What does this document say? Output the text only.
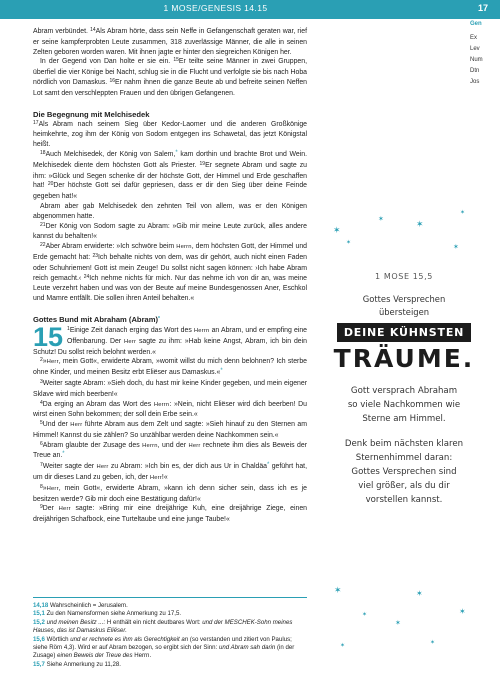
1 MOSE/GENESIS 14.15	17
Gen
Ex
Lev
Num
Dtn
Jos

Abram verbündet. $^{14}$Als Abram hörte, dass sein Neffe in Gefangenschaft geraten war, rief er seine kampferprobten Leute zusammen, 318 zuverlässige Männer, die alle in seinen Zelten geboren worden waren. Mit ihnen jagte er hinter den siegreichen Königen her.

In der Gegend von Dan holte er sie ein. $^{15}$Er teilte seine Männer in zwei Gruppen, überfiel die vier Könige bei Nacht, schlug sie in die Flucht und verfolgte sie bis nach Hoba nördlich von Damaskus. $^{16}$Er nahm ihnen die ganze Beute ab und befreite seinen Neffen Lot samt den verschleppten Frauen und den übrigen Gefangenen.

Die Begegnung mit Melchisedek

$^{17}$Als Abram nach seinem Sieg über Kedor-Laomer und die anderen Großkönige heimkehrte, zog ihm der König von Sodom entgegen ins Schawetal, das jetzt Königstal heißt.

$^{18}$Auch Melchisedek, der König von Salem,* kam dorthin und brachte Brot und Wein. Melchisedek diente dem höchsten Gott als Priester. $^{19}$Er segnete Abram und sagte zu ihm: »Glück und Segen schenke dir der höchste Gott, der Himmel und Erde geschaffen hat! $^{20}$Der höchste Gott sei dafür gepriesen, dass er dir den Sieg über deine Feinde gegeben hat!«

Abram aber gab Melchisedek den zehnten Teil von allem, was er den Königen abgenommen hatte.

$^{21}$Der König von Sodom sagte zu Abram: »Gib mir meine Leute zurück, alles andere kannst du behalten!«

$^{22}$Aber Abram erwiderte: »Ich schwöre beim Herrn, dem höchsten Gott, der Himmel und Erde gemacht hat: $^{23}$Ich behalte nichts von dem, was dir gehört, auch nicht einen Faden oder Schuhriemen! Gott ist mein Zeuge! Du sollst nicht sagen können: ›Ich habe Abram reich gemacht.‹ $^{24}$Ich nehme nichts für mich. Nur das nehme ich von dir an, was meine Leute verzehrt haben und was von der Beute auf meine Bundesgenossen Aner, Eschkol und Mamre entfällt. Die sollen ihren Anteil behalten.«

Gottes Bund mit Abraham (Abram)*

15 $^1$Einige Zeit danach erging das Wort des Herrn an Abram, und er empfing eine Offenbarung. Der Herr sagte zu ihm: »Hab keine Angst, Abram, ich bin dein Schutz! Du sollst reich belohnt werden.«

$^2$»Herr, mein Gott«, erwiderte Abram, »womit willst du mich denn belohnen? Ich sterbe ohne Kinder, und meinen Besitz erbt Eliëser aus Damaskus.«*

$^3$Weiter sagte Abram: »Sieh doch, du hast mir keine Kinder gegeben, und mein eigener Sklave wird mich beerben!«

$^4$Da erging an Abram das Wort des Herrn: »Nein, nicht Eliëser wird dich beerben! Du wirst einen Sohn bekommen; der soll dein Erbe sein.«

$^5$Und der Herr führte Abram aus dem Zelt und sagte: »Sieh hinauf zu den Sternen am Himmel! Kannst du sie zählen? So unzählbar werden deine Nachkommen sein.«

$^6$Abram glaubte der Zusage des Herrn, und der Herr rechnete ihm dies als Beweis der Treue an.*

$^7$Weiter sagte der Herr zu Abram: »Ich bin es, der dich aus Ur in Chaldäa* geführt hat, um dir dieses Land zu geben, ich, der Herr!«

$^8$»Herr, mein Gott«, erwiderte Abram, »kann ich denn sicher sein, dass ich es je besitzen werde? Gib mir doch eine Bestätigung dafür!«

$^9$Der Herr sagte: »Bring mir eine dreijährige Kuh, eine dreijährige Ziege, einen dreijährigen Schafbock, eine Turteltaube und eine junge Taube!«

14,18 Wahrscheinlich = Jerusalem.
15,1 Zu den Namensformen siehe Anmerkung zu 17,5.
15,2 und meinen Besitz ...: H enthält ein nicht deutbares Wort: und der MESCHEK-Sohn meines Hauses, das ist Damaskus Eliëser.
15,6 Wörtlich und er rechnete es ihm als Gerechtigkeit an (so verstanden und zitiert von Paulus; siehe Röm 4,3). Wird er auf Abram bezogen, so ergibt sich der Sinn: und Abram sah darin (in der Zusage) einen Beweis der Treue des Herrn.
15,7 Siehe Anmerkung zu 11,28.
1 MOSE 15,5
Gottes Versprechen
übersteigen
DEINE KÜHNSTEN
TRÄUME.
Gott versprach Abraham
so viele Nachkommen wie
Sterne am Himmel.
Denk beim nächsten klaren
Sternenhimmel daran:
Gottes Versprechen sind
viel größer, als du dir
vorstellen kannst.
✶
✶	✶
✶
✶
✶
✶	✶
✶
✶
✶
✶	✶
